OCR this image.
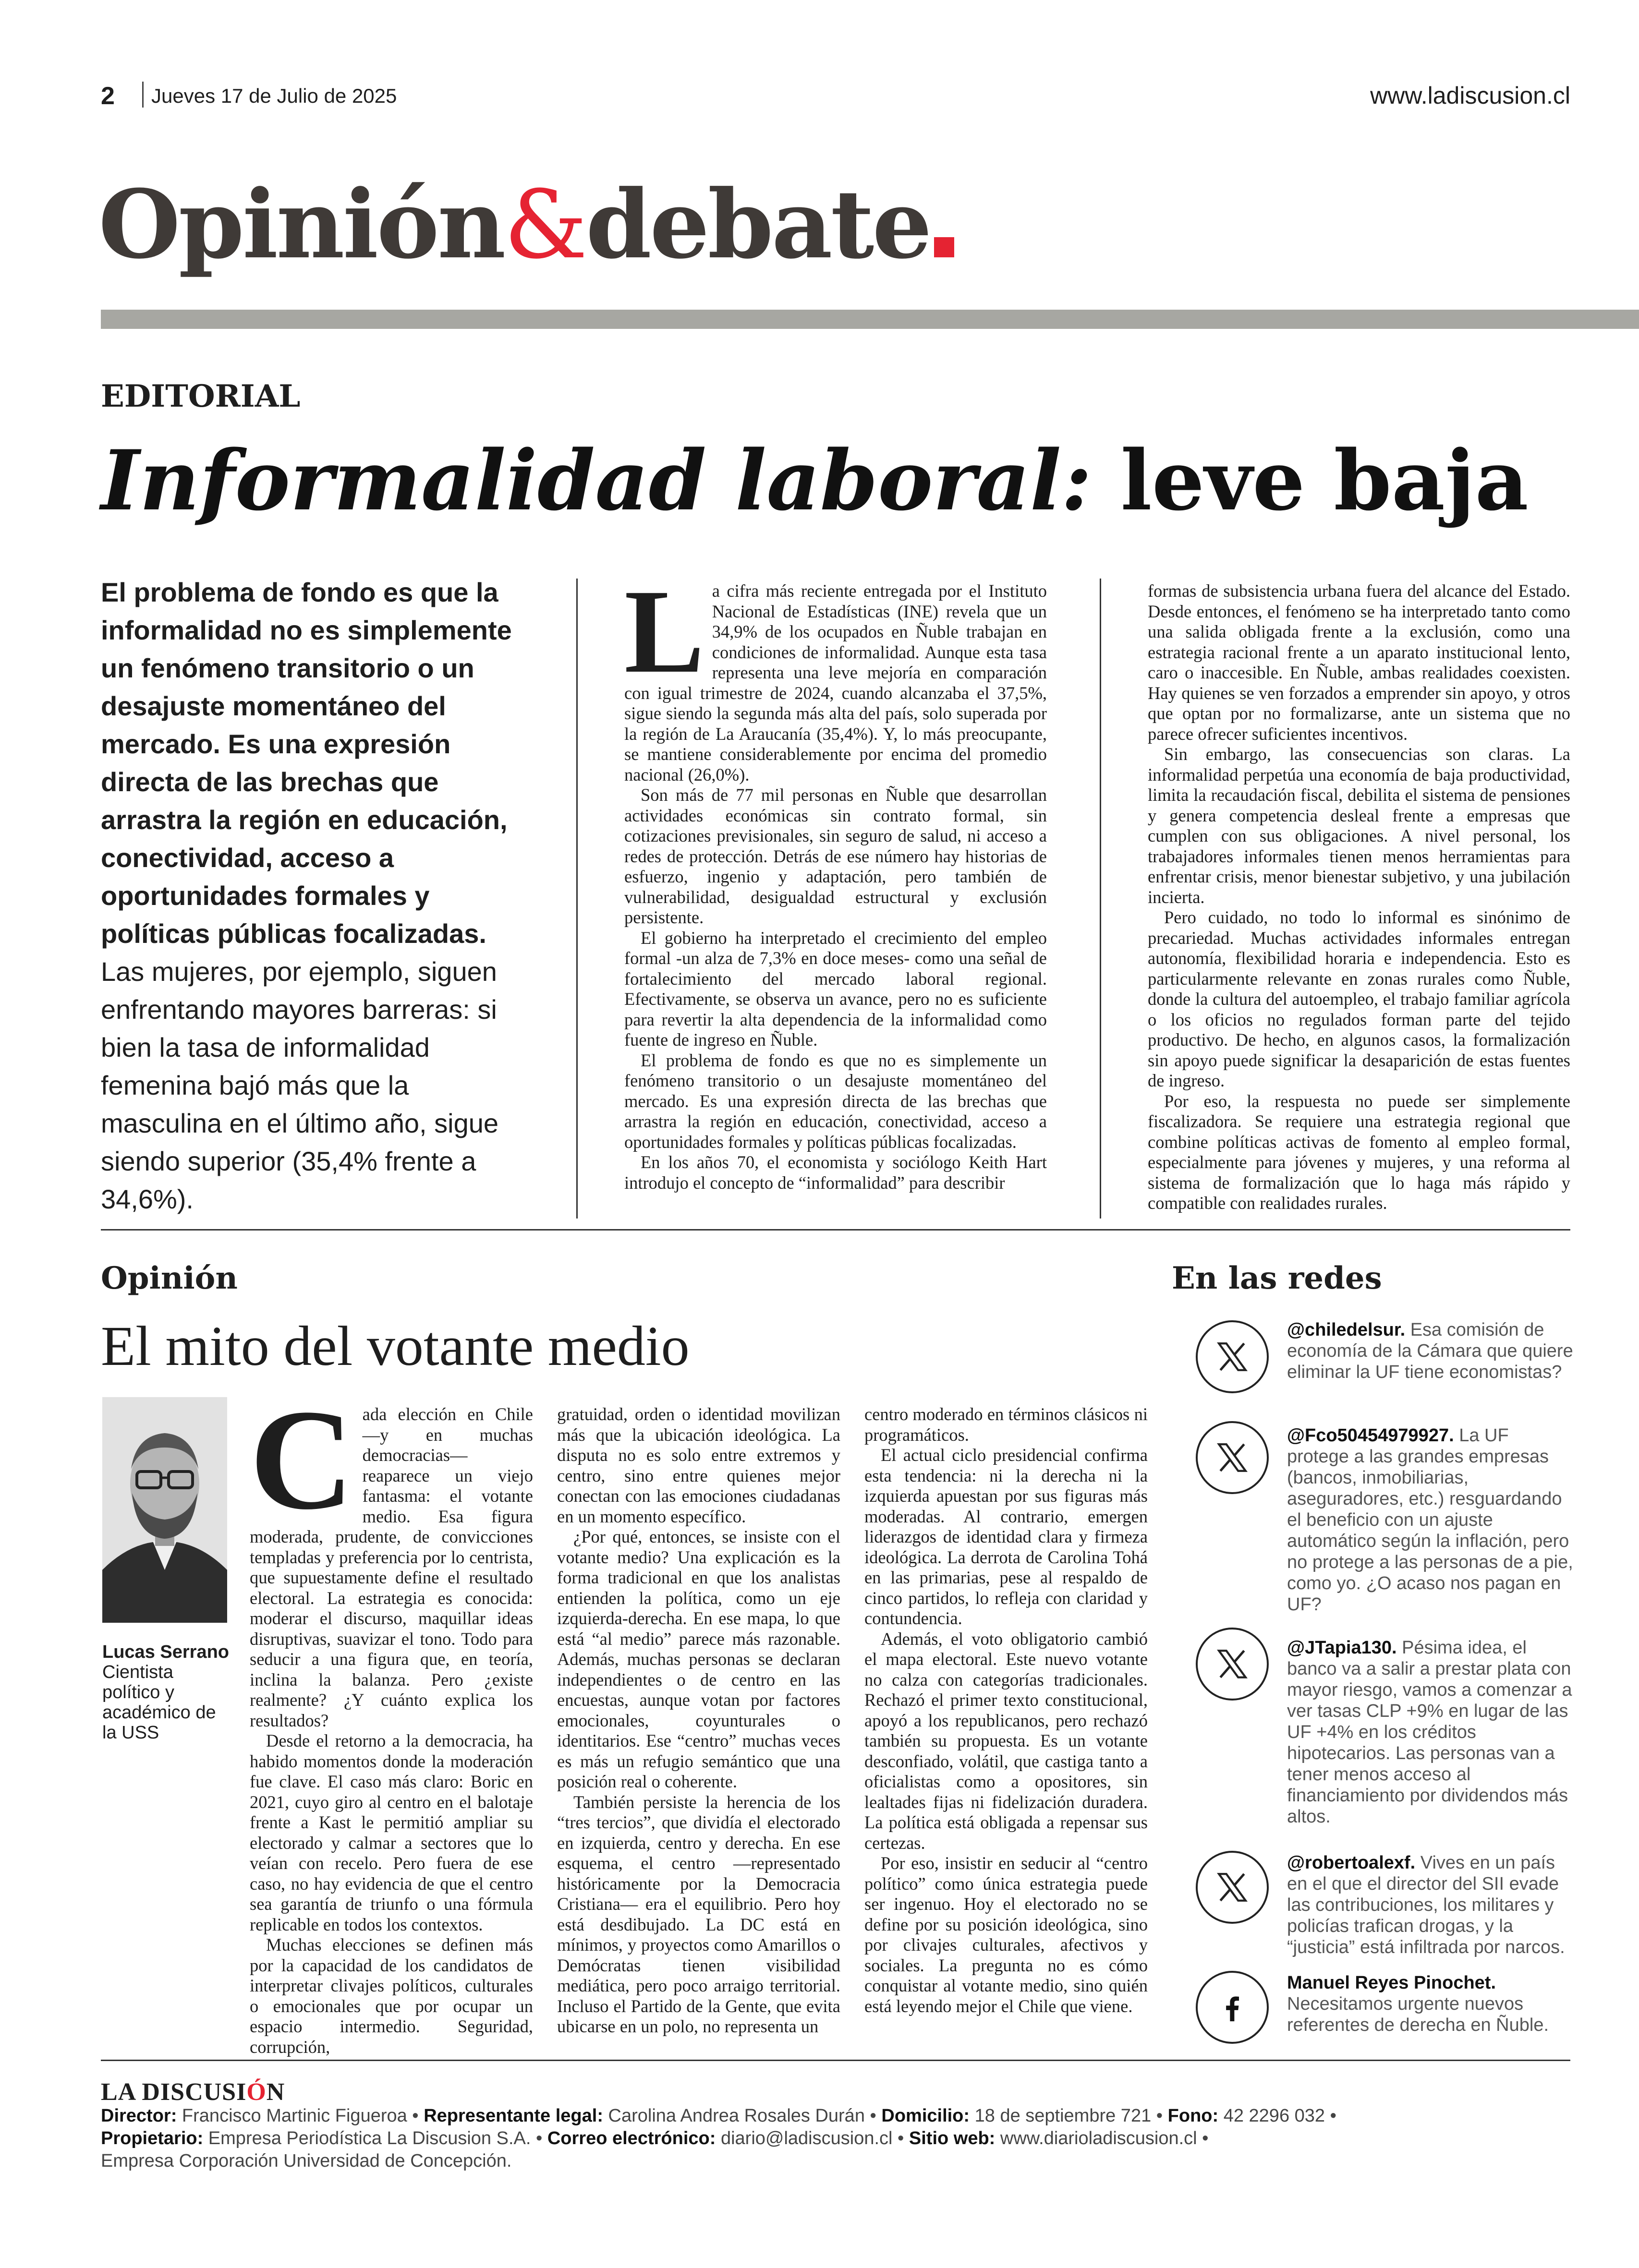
2 Jueves 17 de Julio de 2025	www.ladiscusion.cl
Opinión&debate
EDITORIAL
Informalidad laboral: leve baja
El problema de fondo es que la informalidad no es simplemente un fenómeno transitorio o un desajuste momentáneo del mercado. Es una expresión directa de las brechas que arrastra la región en educación, conectividad, acceso a oportunidades formales y políticas públicas focalizadas. Las mujeres, por ejemplo, siguen enfrentando mayores barreras: si bien la tasa de informalidad femenina bajó más que la masculina en el último año, sigue siendo superior (35,4% frente a 34,6%).

La cifra más reciente entregada por el Instituto Nacional de Estadísticas (INE) revela que un 34,9% de los ocupados en Ñuble trabajan en condiciones de informalidad. Aunque esta tasa representa una leve mejoría en comparación con igual trimestre de 2024, cuando alcanzaba el 37,5%, sigue siendo la segunda más alta del país, solo superada por la región de La Araucanía (35,4%). Y, lo más preocupante, se mantiene considerablemente por encima del promedio nacional (26,0%).

Son más de 77 mil personas en Ñuble que desarrollan actividades económicas sin contrato formal, sin cotizaciones previsionales, sin seguro de salud, ni acceso a redes de protección. Detrás de ese número hay historias de esfuerzo, ingenio y adaptación, pero también de vulnerabilidad, desigualdad estructural y exclusión persistente.

El gobierno ha interpretado el crecimiento del empleo formal -un alza de 7,3% en doce meses- como una señal de fortalecimiento del mercado laboral regional. Efectivamente, se observa un avance, pero no es suficiente para revertir la alta dependencia de la informalidad como fuente de ingreso en Ñuble.

El problema de fondo es que no es simplemente un fenómeno transitorio o un desajuste momentáneo del mercado. Es una expresión directa de las brechas que arrastra la región en educación, conectividad, acceso a oportunidades formales y políticas públicas focalizadas.

En los años 70, el economista y sociólogo Keith Hart introdujo el concepto de “informalidad” para describir

formas de subsistencia urbana fuera del alcance del Estado. Desde entonces, el fenómeno se ha interpretado tanto como una salida obligada frente a la exclusión, como una estrategia racional frente a un aparato institucional lento, caro o inaccesible. En Ñuble, ambas realidades coexisten. Hay quienes se ven forzados a emprender sin apoyo, y otros que optan por no formalizarse, ante un sistema que no parece ofrecer suficientes incentivos.

Sin embargo, las consecuencias son claras. La informalidad perpetúa una economía de baja productividad, limita la recaudación fiscal, debilita el sistema de pensiones y genera competencia desleal frente a empresas que cumplen con sus obligaciones. A nivel personal, los trabajadores informales tienen menos herramientas para enfrentar crisis, menor bienestar subjetivo, y una jubilación incierta.

Pero cuidado, no todo lo informal es sinónimo de precariedad. Muchas actividades informales entregan autonomía, flexibilidad horaria e independencia. Esto es particularmente relevante en zonas rurales como Ñuble, donde la cultura del autoempleo, el trabajo familiar agrícola o los oficios no regulados forman parte del tejido productivo. De hecho, en algunos casos, la formalización sin apoyo puede significar la desaparición de estas fuentes de ingreso.

Por eso, la respuesta no puede ser simplemente fiscalizadora. Se requiere una estrategia regional que combine políticas activas de fomento al empleo formal, especialmente para jóvenes y mujeres, y una reforma al sistema de formalización que lo haga más rápido y compatible con realidades rurales.

Opinión
El mito del votante medio
Lucas Serrano
Cientista político y académico de la USS

Cada elección en Chile —y en muchas democracias— reaparece un viejo fantasma: el votante medio. Esa figura moderada, prudente, de convicciones templadas y preferencia por lo centrista, que supuestamente define el resultado electoral. La estrategia es conocida: moderar el discurso, maquillar ideas disruptivas, suavizar el tono. Todo para seducir a una figura que, en teoría, inclina la balanza. Pero ¿existe realmente? ¿Y cuánto explica los resultados?

Desde el retorno a la democracia, ha habido momentos donde la moderación fue clave. El caso más claro: Boric en 2021, cuyo giro al centro en el balotaje frente a Kast le permitió ampliar su electorado y calmar a sectores que lo veían con recelo. Pero fuera de ese caso, no hay evidencia de que el centro sea garantía de triunfo o una fórmula replicable en todos los contextos.

Muchas elecciones se definen más por la capacidad de los candidatos de interpretar clivajes políticos, culturales o emocionales que por ocupar un espacio intermedio. Seguridad, corrupción,

gratuidad, orden o identidad movilizan más que la ubicación ideológica. La disputa no es solo entre extremos y centro, sino entre quienes mejor conectan con las emociones ciudadanas en un momento específico.

¿Por qué, entonces, se insiste con el votante medio? Una explicación es la forma tradicional en que los analistas entienden la política, como un eje izquierda-derecha. En ese mapa, lo que está “al medio” parece más razonable. Además, muchas personas se declaran independientes o de centro en las encuestas, aunque votan por factores emocionales, coyunturales o identitarios. Ese “centro” muchas veces es más un refugio semántico que una posición real o coherente.

También persiste la herencia de los “tres tercios”, que dividía el electorado en izquierda, centro y derecha. En ese esquema, el centro —representado históricamente por la Democracia Cristiana— era el equilibrio. Pero hoy está desdibujado. La DC está en mínimos, y proyectos como Amarillos o Demócratas tienen visibilidad mediática, pero poco arraigo territorial. Incluso el Partido de la Gente, que evita ubicarse en un polo, no representa un

centro moderado en términos clásicos ni programáticos.

El actual ciclo presidencial confirma esta tendencia: ni la derecha ni la izquierda apuestan por sus figuras más moderadas. Al contrario, emergen liderazgos de identidad clara y firmeza ideológica. La derrota de Carolina Tohá en las primarias, pese al respaldo de cinco partidos, lo refleja con claridad y contundencia.

Además, el voto obligatorio cambió el mapa electoral. Este nuevo votante no calza con categorías tradicionales. Rechazó el primer texto constitucional, apoyó a los republicanos, pero rechazó también su propuesta. Es un votante desconfiado, volátil, que castiga tanto a oficialistas como a opositores, sin lealtades fijas ni fidelización duradera. La política está obligada a repensar sus certezas.

Por eso, insistir en seducir al “centro político” como única estrategia puede ser ingenuo. Hoy el electorado no se define por su posición ideológica, sino por clivajes culturales, afectivos y sociales. La pregunta no es cómo conquistar al votante medio, sino quién está leyendo mejor el Chile que viene.

En las redes
@chiledelsur. Esa comisión de economía de la Cámara que quiere eliminar la UF tiene economistas?
@Fco50454979927. La UF protege a las grandes empresas (bancos, inmobiliarias, aseguradores, etc.) resguardando el beneficio con un ajuste automático según la inflación, pero no protege a las personas de a pie, como yo. ¿O acaso nos pagan en UF?
@JTapia130. Pésima idea, el banco va a salir a prestar plata con mayor riesgo, vamos a comenzar a ver tasas CLP +9% en lugar de las UF +4% en los créditos hipotecarios. Las personas van a tener menos acceso al financiamiento por dividendos más altos.
@robertoalexf. Vives en un país en el que el director del SII evade las contribuciones, los militares y policías trafican drogas, y la “justicia” está infiltrada por narcos.
Manuel Reyes Pinochet. Necesitamos urgente nuevos referentes de derecha en Ñuble.
LA DISCUSIÓN
Director: Francisco Martinic Figueroa • Representante legal: Carolina Andrea Rosales Durán • Domicilio: 18 de septiembre 721 • Fono: 42 2296 032 •
Propietario: Empresa Periodística La Discusion S.A. • Correo electrónico: diario@ladiscusion.cl • Sitio web: www.diarioladiscusion.cl •
Empresa Corporación Universidad de Concepción.
